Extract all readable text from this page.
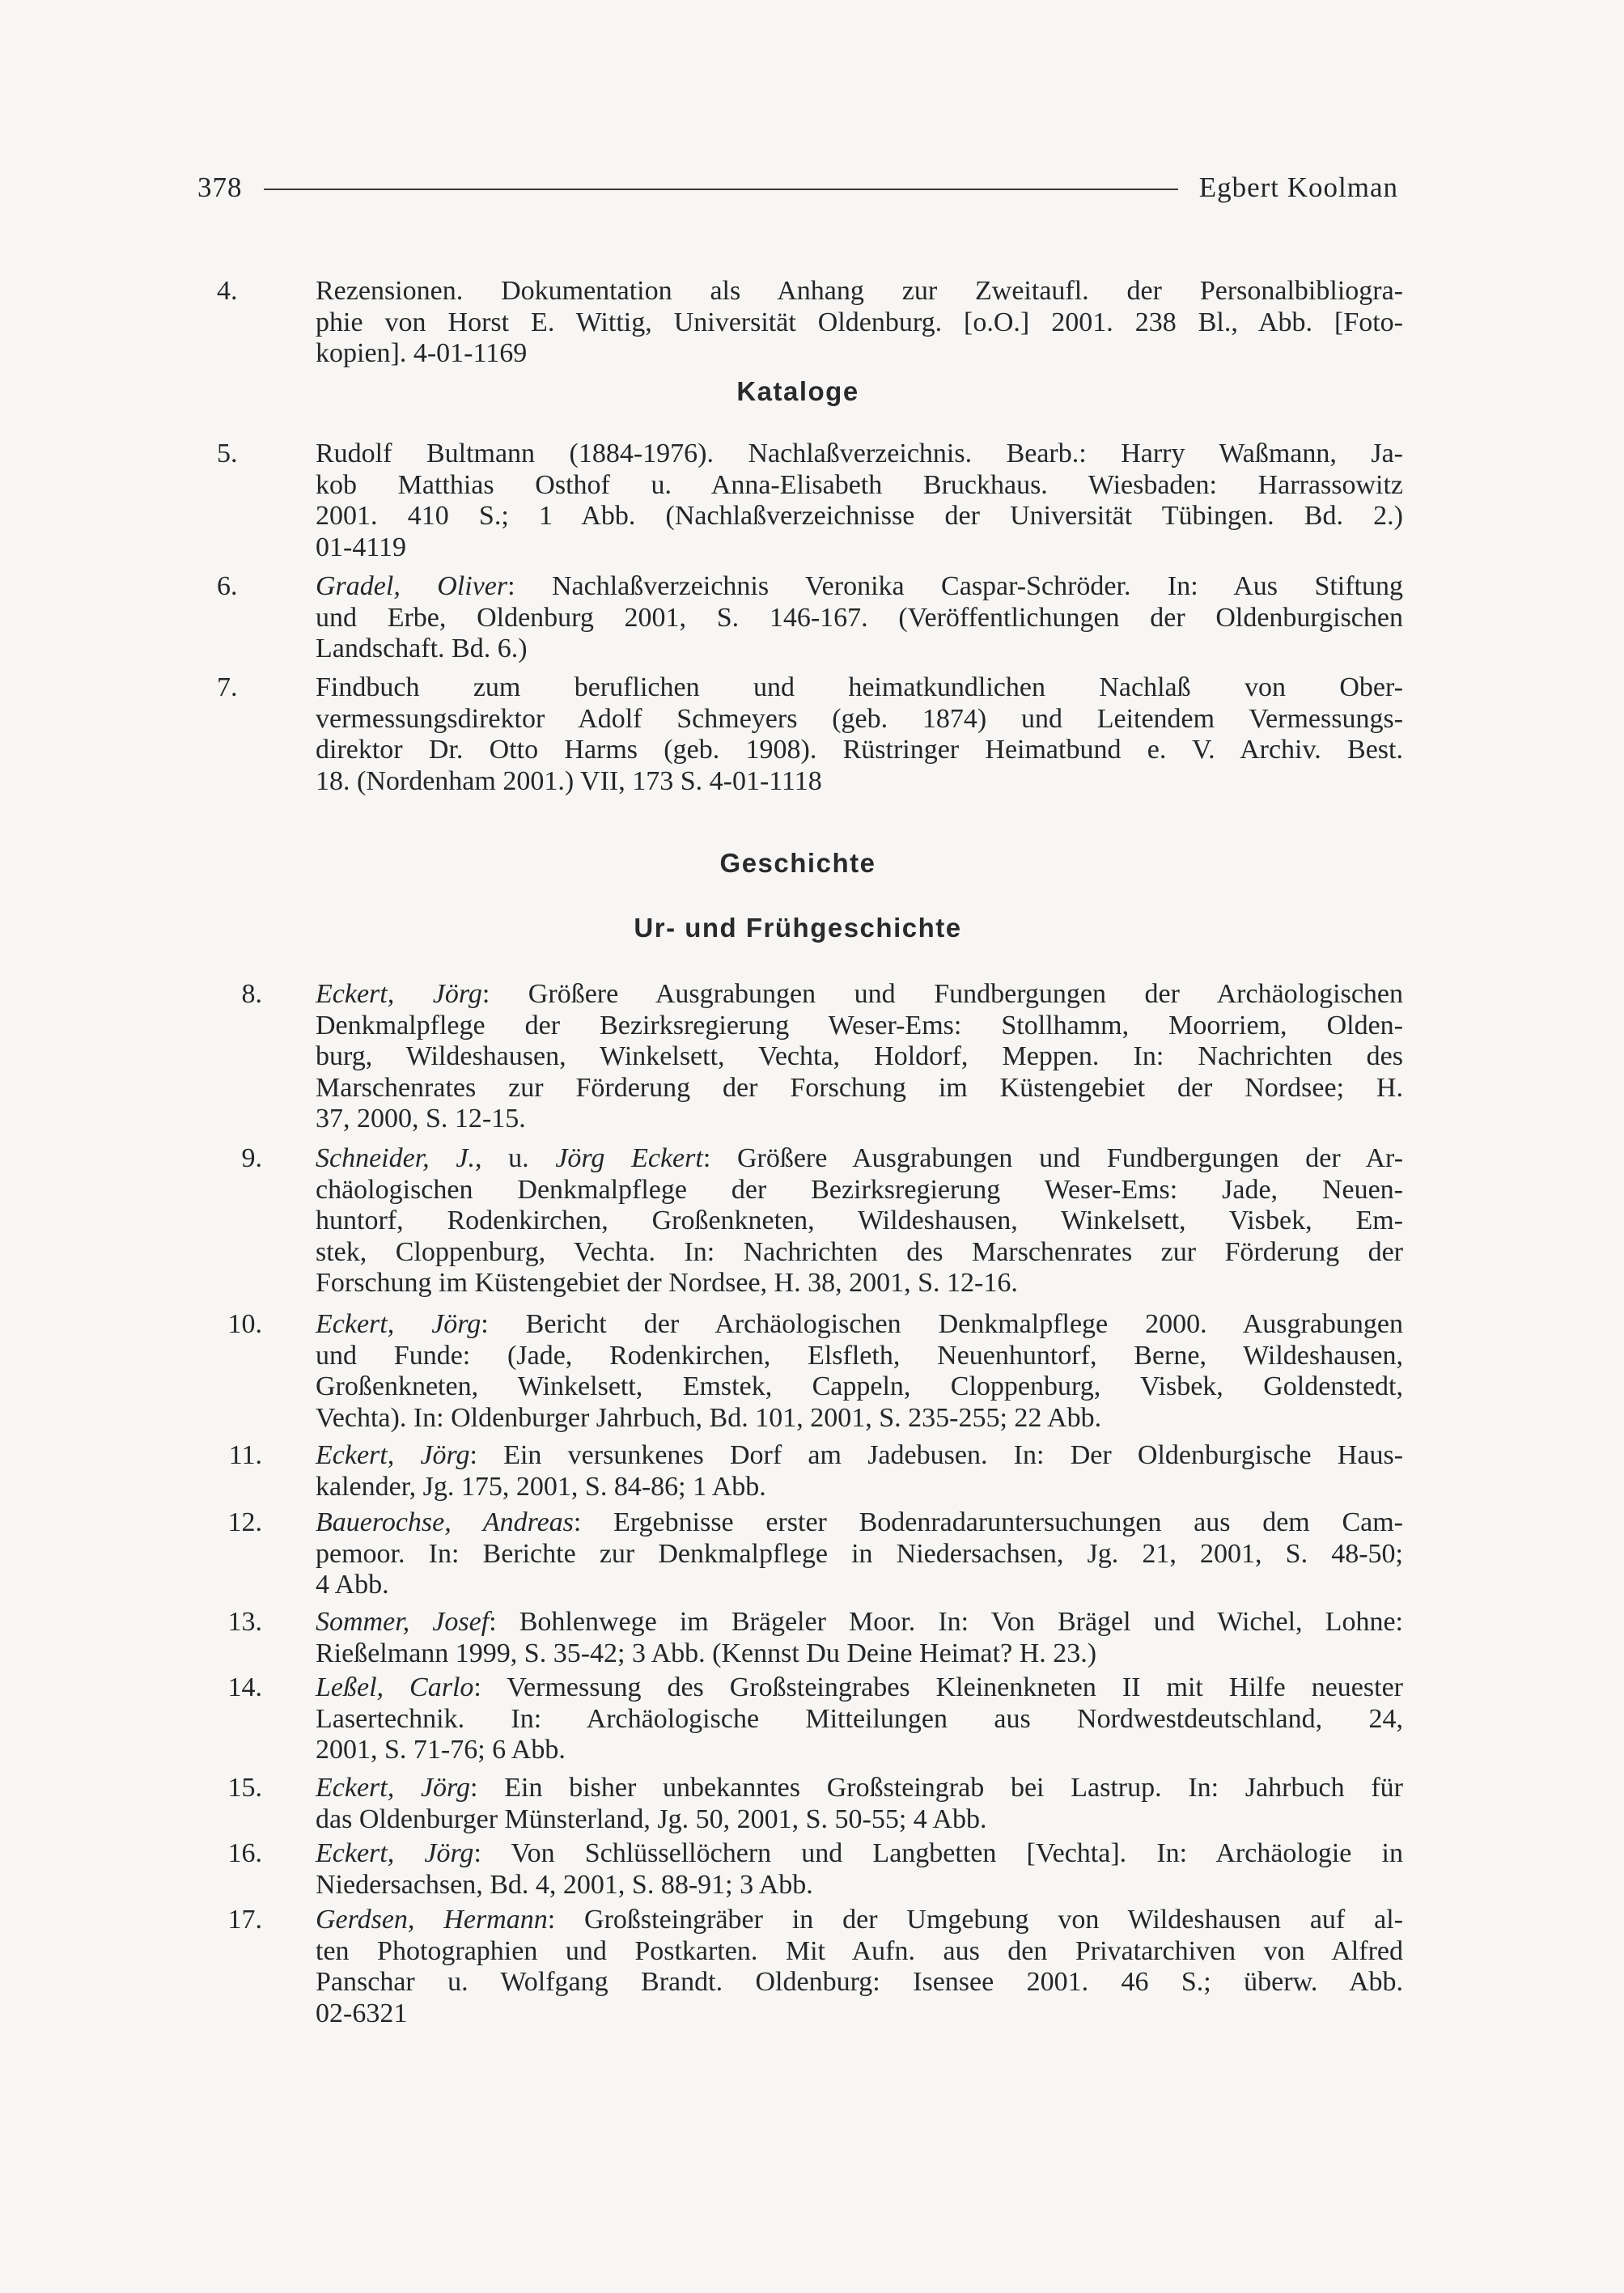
378	Egbert Koolman
4.	Rezensionen. Dokumentation als Anhang zur Zweitaufl. der Personalbibliogra-
phie von Horst E. Wittig, Universität Oldenburg. [o.O.] 2001. 238 Bl., Abb. [Foto-
kopien]. 4-01-1169
Kataloge
5.	Rudolf Bultmann (1884-1976). Nachlaßverzeichnis. Bearb.: Harry Waßmann, Ja-
kob Matthias Osthof u. Anna-Elisabeth Bruckhaus. Wiesbaden: Harrassowitz
2001. 410 S.; 1 Abb. (Nachlaßverzeichnisse der Universität Tübingen. Bd. 2.)
01-4119
6.	Gradel, Oliver: Nachlaßverzeichnis Veronika Caspar-Schröder. In: Aus Stiftung
und Erbe, Oldenburg 2001, S. 146-167. (Veröffentlichungen der Oldenburgischen
Landschaft. Bd. 6.)
7.	Findbuch zum beruflichen und heimatkundlichen Nachlaß von Ober-
vermessungsdirektor Adolf Schmeyers (geb. 1874) und Leitendem Vermessungs-
direktor Dr. Otto Harms (geb. 1908). Rüstringer Heimatbund e. V. Archiv. Best.
18. (Nordenham 2001.) VII, 173 S. 4-01-1118
Geschichte
Ur- und Frühgeschichte
8. Eckert, Jörg: Größere Ausgrabungen und Fundbergungen der Archäologischen
Denkmalpflege der Bezirksregierung Weser-Ems: Stollhamm, Moorriem, Olden-
burg, Wildeshausen, Winkelsett, Vechta, Holdorf, Meppen. In: Nachrichten des
Marschenrates zur Förderung der Forschung im Küstengebiet der Nordsee; H.
37, 2000, S. 12-15.
9. Schneider, J., u. Jörg Eckert: Größere Ausgrabungen und Fundbergungen der Ar-
chäologischen Denkmalpflege der Bezirksregierung Weser-Ems: Jade, Neuen-
huntorf, Rodenkirchen, Großenkneten, Wildeshausen, Winkelsett, Visbek, Em-
stek, Cloppenburg, Vechta. In: Nachrichten des Marschenrates zur Förderung der
Forschung im Küstengebiet der Nordsee, H. 38, 2001, S. 12-16.
10. Eckert, Jörg: Bericht der Archäologischen Denkmalpflege 2000. Ausgrabungen
und Funde: (Jade, Rodenkirchen, Elsfleth, Neuenhuntorf, Berne, Wildeshausen,
Großenkneten, Winkelsett, Emstek, Cappeln, Cloppenburg, Visbek, Goldenstedt,
Vechta). In: Oldenburger Jahrbuch, Bd. 101, 2001, S. 235-255; 22 Abb.
11. Eckert, Jörg: Ein versunkenes Dorf am Jadebusen. In: Der Oldenburgische Haus-
kalender, Jg. 175, 2001, S. 84-86; 1 Abb.
12. Bauerochse, Andreas: Ergebnisse erster Bodenradaruntersuchungen aus dem Cam-
pemoor. In: Berichte zur Denkmalpflege in Niedersachsen, Jg. 21, 2001, S. 48-50;
4 Abb.
13. Sommer, Josef: Bohlenwege im Brägeler Moor. In: Von Brägel und Wichel, Lohne:
Rießelmann 1999, S. 35-42; 3 Abb. (Kennst Du Deine Heimat? H. 23.)
14. Leßel, Carlo: Vermessung des Großsteingrabes Kleinenkneten II mit Hilfe neuester
Lasertechnik. In: Archäologische Mitteilungen aus Nordwestdeutschland, 24,
2001, S. 71-76; 6 Abb.
15. Eckert, Jörg: Ein bisher unbekanntes Großsteingrab bei Lastrup. In: Jahrbuch für
das Oldenburger Münsterland, Jg. 50, 2001, S. 50-55; 4 Abb.
16. Eckert, Jörg: Von Schlüssellöchern und Langbetten [Vechta]. In: Archäologie in
Niedersachsen, Bd. 4, 2001, S. 88-91; 3 Abb.
17. Gerdsen, Hermann: Großsteingräber in der Umgebung von Wildeshausen auf al-
ten Photographien und Postkarten. Mit Aufn. aus den Privatarchiven von Alfred
Panschar u. Wolfgang Brandt. Oldenburg: Isensee 2001. 46 S.; überw. Abb.
02-6321
